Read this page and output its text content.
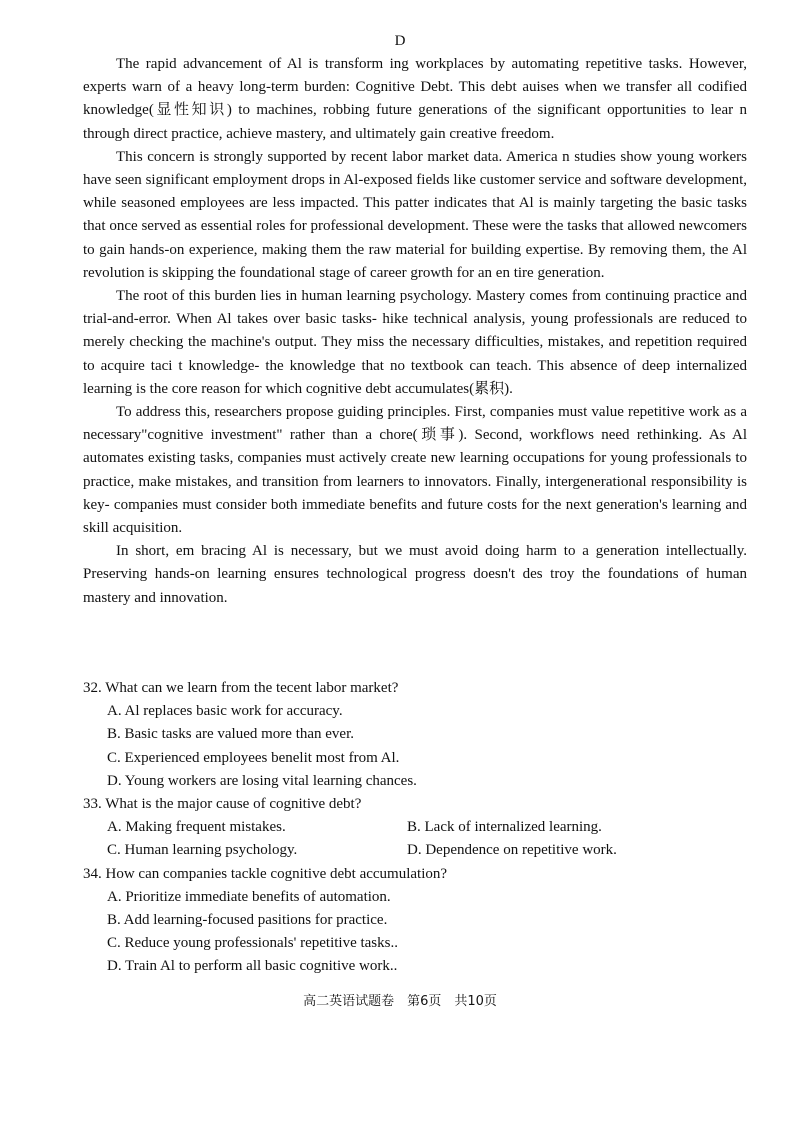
D

The rapid advancement of Al is transform ing workplaces by automating repetitive tasks. However, experts warn of a heavy long-term burden: Cognitive Debt. This debt auises when we transfer all codified knowledge(显性知识) to machines, robbing future generations of the significant opportunities to lear n through direct practice, achieve mastery, and ultimately gain creative freedom.

This concern is strongly supported by recent labor market data. America n studies show young workers have seen significant employment drops in Al-exposed fields like customer service and software development, while seasoned employees are less impacted. This patter indicates that Al is mainly targeting the basic tasks that once served as essential roles for professional development. These were the tasks that allowed newcomers to gain hands-on experience, making them the raw material for building expertise. By removing them, the Al revolution is skipping the foundational stage of career growth for an en tire generation.

The root of this burden lies in human learning psychology. Mastery comes from continuing practice and trial-and-error. When Al takes over basic tasks- hike technical analysis, young professionals are reduced to merely checking the machine's output. They miss the necessary difficulties, mistakes, and repetition required to acquire taci t knowledge- the knowledge that no textbook can teach. This absence of deep internalized learning is the core reason for which cognitive debt accumulates(累积).

To address this, researchers propose guiding principles. First, companies must value repetitive work as a necessary"cognitive investment" rather than a chore(琐事). Second, workflows need rethinking. As Al automates existing tasks, companies must actively create new learning occupations for young professionals to practice, make mistakes, and transition from learners to innovators. Finally, intergenerational responsibility is key- companies must consider both immediate benefits and future costs for the next generation's learning and skill acquisition.

In short, em bracing Al is necessary, but we must avoid doing harm to a generation intellectually. Preserving hands-on learning ensures technological progress doesn't des troy the foundations of human mastery and innovation.

32. What can we learn from the tecent labor market?
A. Al replaces basic work for accuracy.
B. Basic tasks are valued more than ever.
C. Experienced employees benelit most from Al.
D. Young workers are losing vital learning chances.
33. What is the major cause of cognitive debt?
A. Making frequent mistakes.	B. Lack of internalized learning.
C. Human learning psychology.	D. Dependence on repetitive work.
34. How can companies tackle cognitive debt accumulation?
A. Prioritize immediate benefits of automation.
B. Add learning-focused pasitions for practice.
C. Reduce young professionals' repetitive tasks..
D. Train Al to perform all basic cognitive work..
高二英语试题卷　第6页　共10页
